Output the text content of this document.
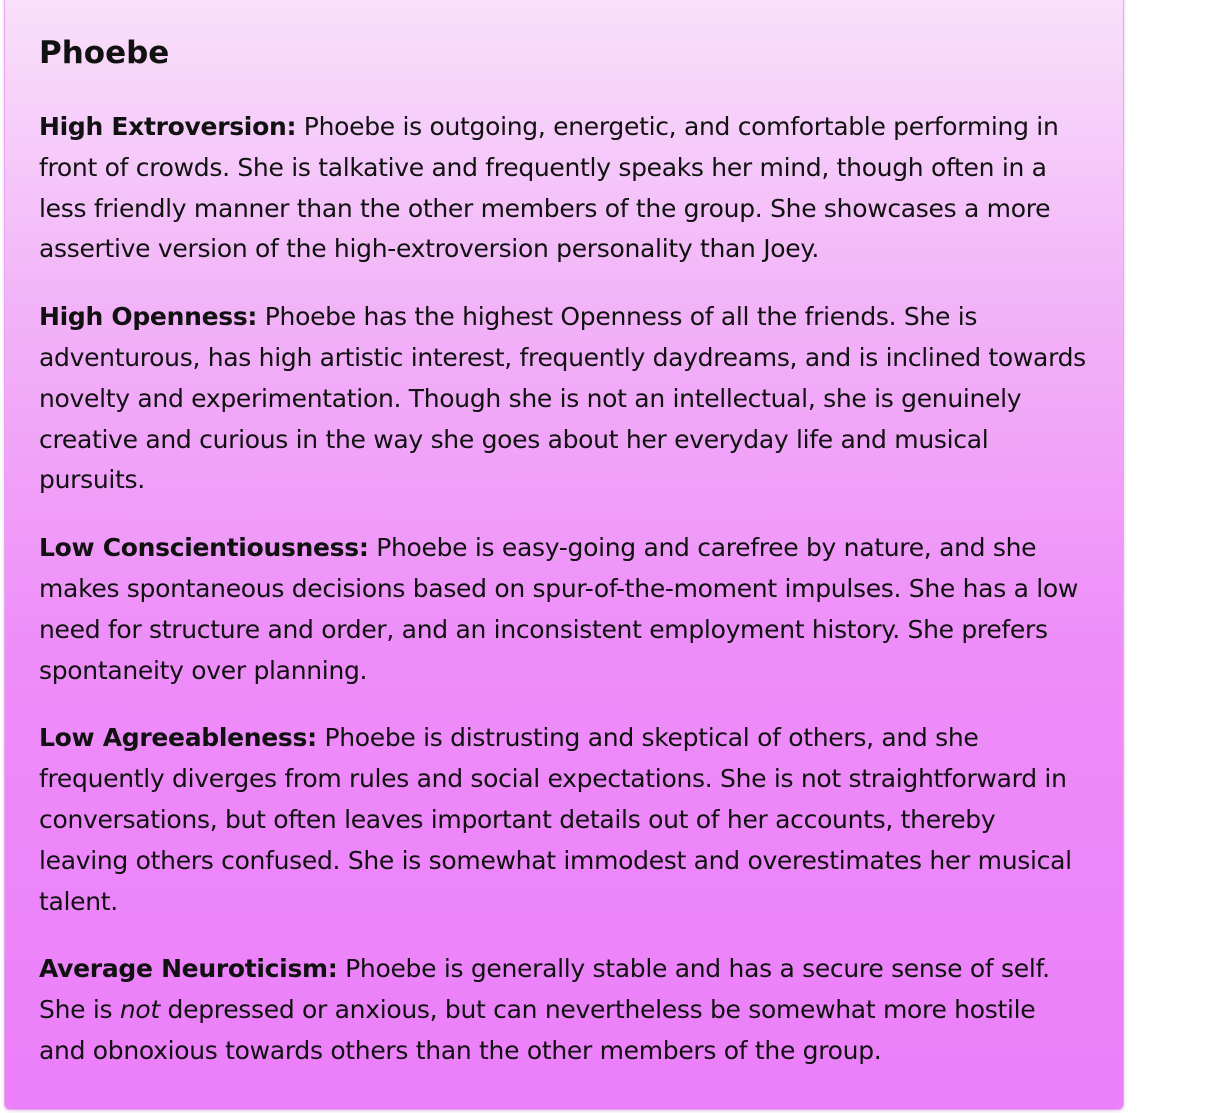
Phoebe

High Extroversion: Phoebe is outgoing, energetic, and comfortable performing in front of crowds. She is talkative and frequently speaks her mind, though often in a less friendly manner than the other members of the group. She showcases a more assertive version of the high-extroversion personality than Joey.

High Openness: Phoebe has the highest Openness of all the friends. She is adventurous, has high artistic interest, frequently daydreams, and is inclined towards novelty and experimentation. Though she is not an intellectual, she is genuinely creative and curious in the way she goes about her everyday life and musical pursuits.

Low Conscientiousness: Phoebe is easy-going and carefree by nature, and she makes spontaneous decisions based on spur-of-the-moment impulses. She has a low need for structure and order, and an inconsistent employment history. She prefers spontaneity over planning.

Low Agreeableness: Phoebe is distrusting and skeptical of others, and she frequently diverges from rules and social expectations. She is not straightforward in conversations, but often leaves important details out of her accounts, thereby leaving others confused. She is somewhat immodest and overestimates her musical talent.

Average Neuroticism: Phoebe is generally stable and has a secure sense of self. She is not depressed or anxious, but can nevertheless be somewhat more hostile and obnoxious towards others than the other members of the group.
